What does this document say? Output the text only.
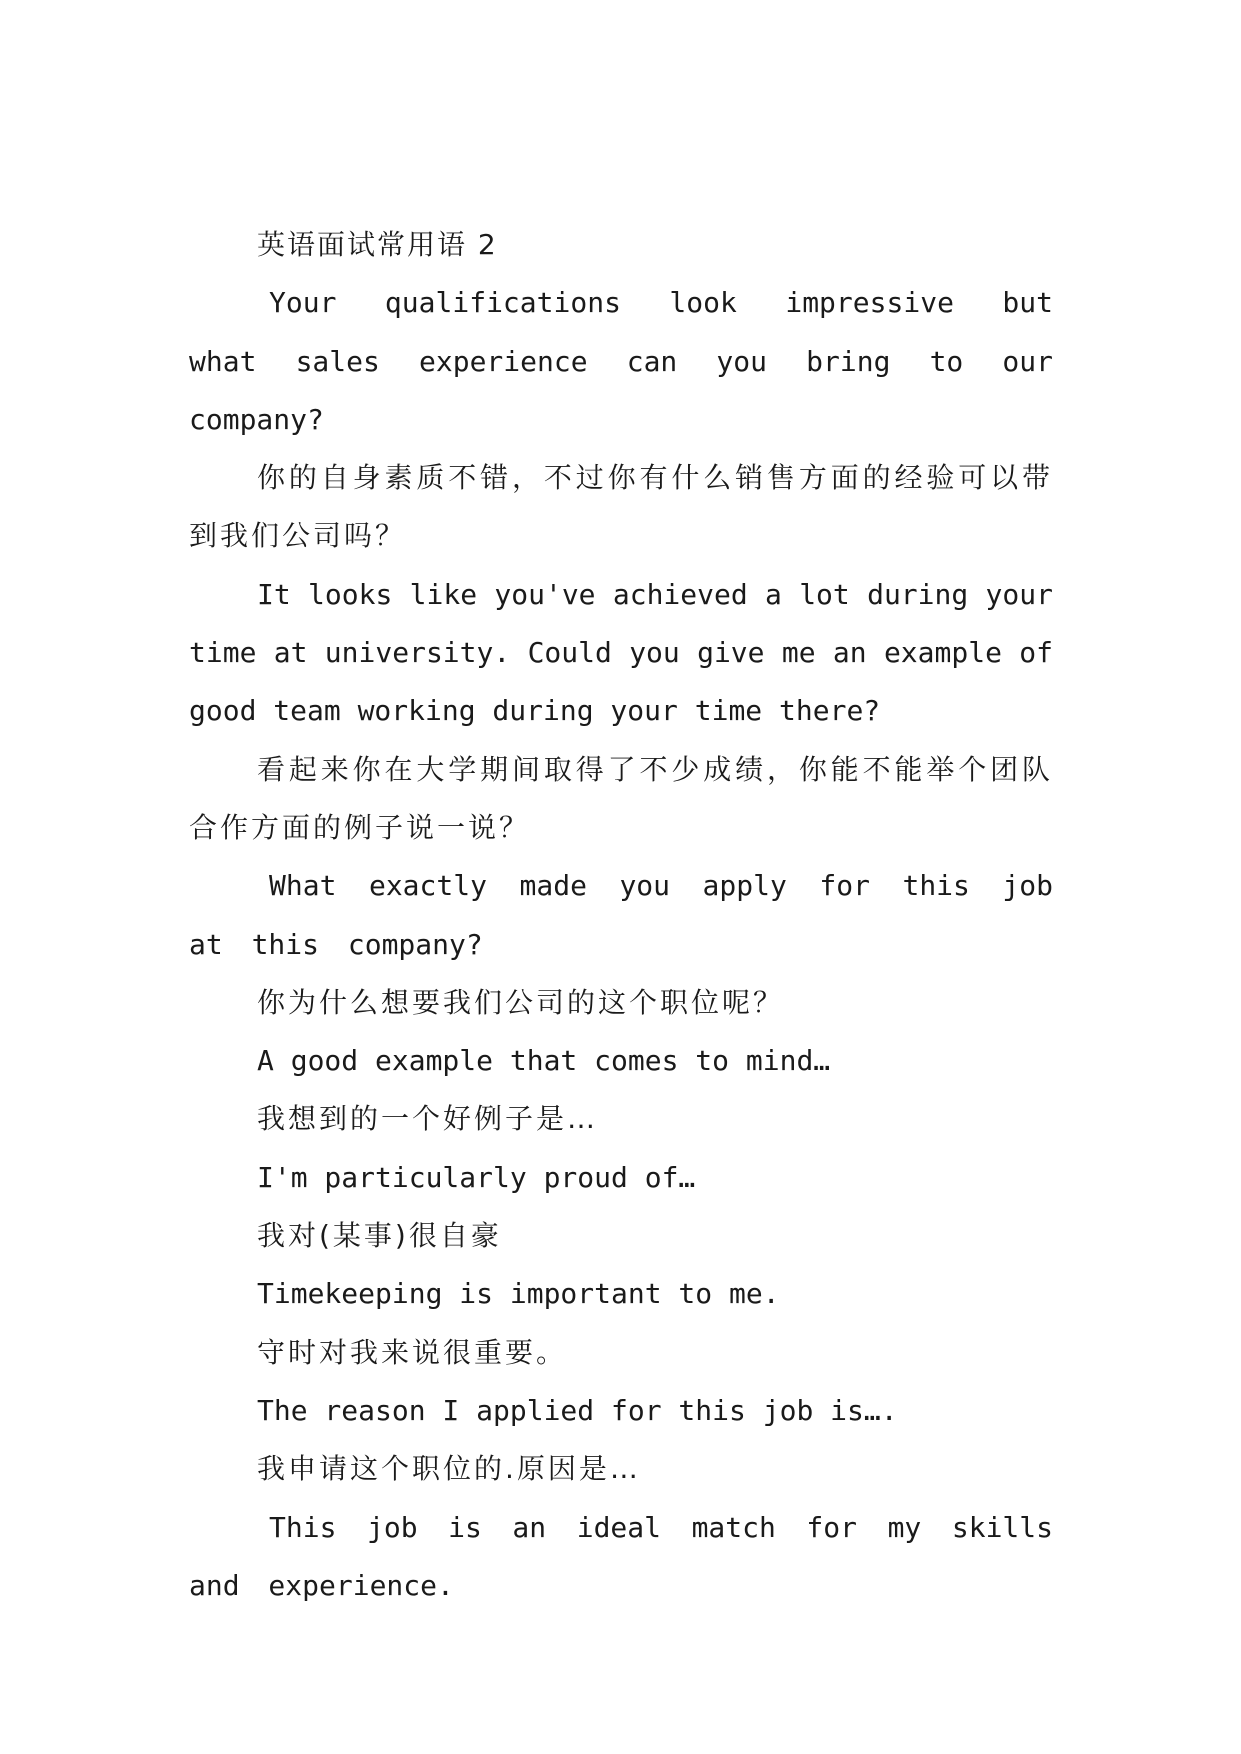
英语面试常用语 2

Your qualifications look impressive but what sales experience can you bring to our company?

你的自身素质不错，不过你有什么销售方面的经验可以带到我们公司吗？

It looks like you've achieved a lot during your time at university. Could you give me an example of good team working during your time there?

看起来你在大学期间取得了不少成绩，你能不能举个团队合作方面的例子说一说？

What exactly made you apply for this job at this company?

你为什么想要我们公司的这个职位呢？

A good example that comes to mind…

我想到的一个好例子是…

I'm particularly proud of…

我对(某事)很自豪

Timekeeping is important to me.

守时对我来说很重要。

The reason I applied for this job is….

我申请这个职位的.原因是…

This job is an ideal match for my skills and experience.
